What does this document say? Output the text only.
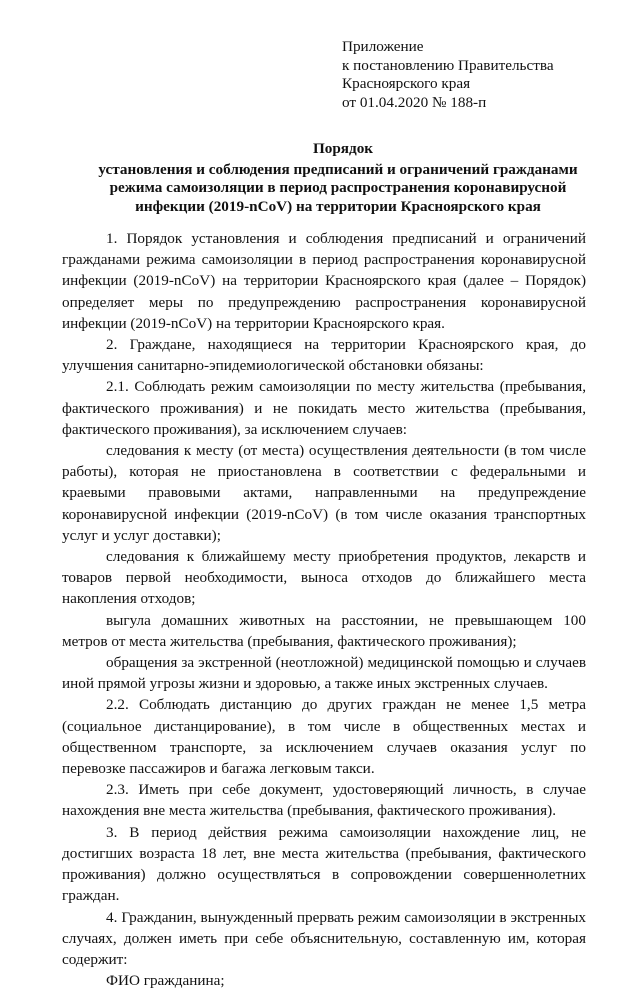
Приложение
к постановлению Правительства
Красноярского края
от 01.04.2020 № 188-п
Порядок
установления и соблюдения предписаний и ограничений гражданами режима самоизоляции в период распространения коронавирусной инфекции (2019-nCoV) на территории Красноярского края

1. Порядок установления и соблюдения предписаний и ограничений гражданами режима самоизоляции в период распространения коронавирусной инфекции (2019-nCoV) на территории Красноярского края (далее – Порядок) определяет меры по предупреждению распространения коронавирусной инфекции (2019-nCoV) на территории Красноярского края.

2. Граждане, находящиеся на территории Красноярского края, до улучшения санитарно-эпидемиологической обстановки обязаны:

2.1. Соблюдать режим самоизоляции по месту жительства (пребывания, фактического проживания) и не покидать место жительства (пребывания, фактического проживания), за исключением случаев:

следования к месту (от места) осуществления деятельности (в том числе работы), которая не приостановлена в соответствии с федеральными и краевыми правовыми актами, направленными на предупреждение коронавирусной инфекции (2019-nCoV) (в том числе оказания транспортных услуг и услуг доставки);

следования к ближайшему месту приобретения продуктов, лекарств и товаров первой необходимости, выноса отходов до ближайшего места накопления отходов;

выгула домашних животных на расстоянии, не превышающем 100 метров от места жительства (пребывания, фактического проживания);

обращения за экстренной (неотложной) медицинской помощью и случаев иной прямой угрозы жизни и здоровью, а также иных экстренных случаев.

2.2. Соблюдать дистанцию до других граждан не менее 1,5 метра (социальное дистанцирование), в том числе в общественных местах и общественном транспорте, за исключением случаев оказания услуг по перевозке пассажиров и багажа легковым такси.

2.3. Иметь при себе документ, удостоверяющий личность, в случае нахождения вне места жительства (пребывания, фактического проживания).

3. В период действия режима самоизоляции нахождение лиц, не достигших возраста 18 лет, вне места жительства (пребывания, фактического проживания) должно осуществляться в сопровождении совершеннолетних граждан.

4. Гражданин, вынужденный прервать режим самоизоляции в экстренных случаях, должен иметь при себе объяснительную, составленную им, которая содержит:

ФИО гражданина;
